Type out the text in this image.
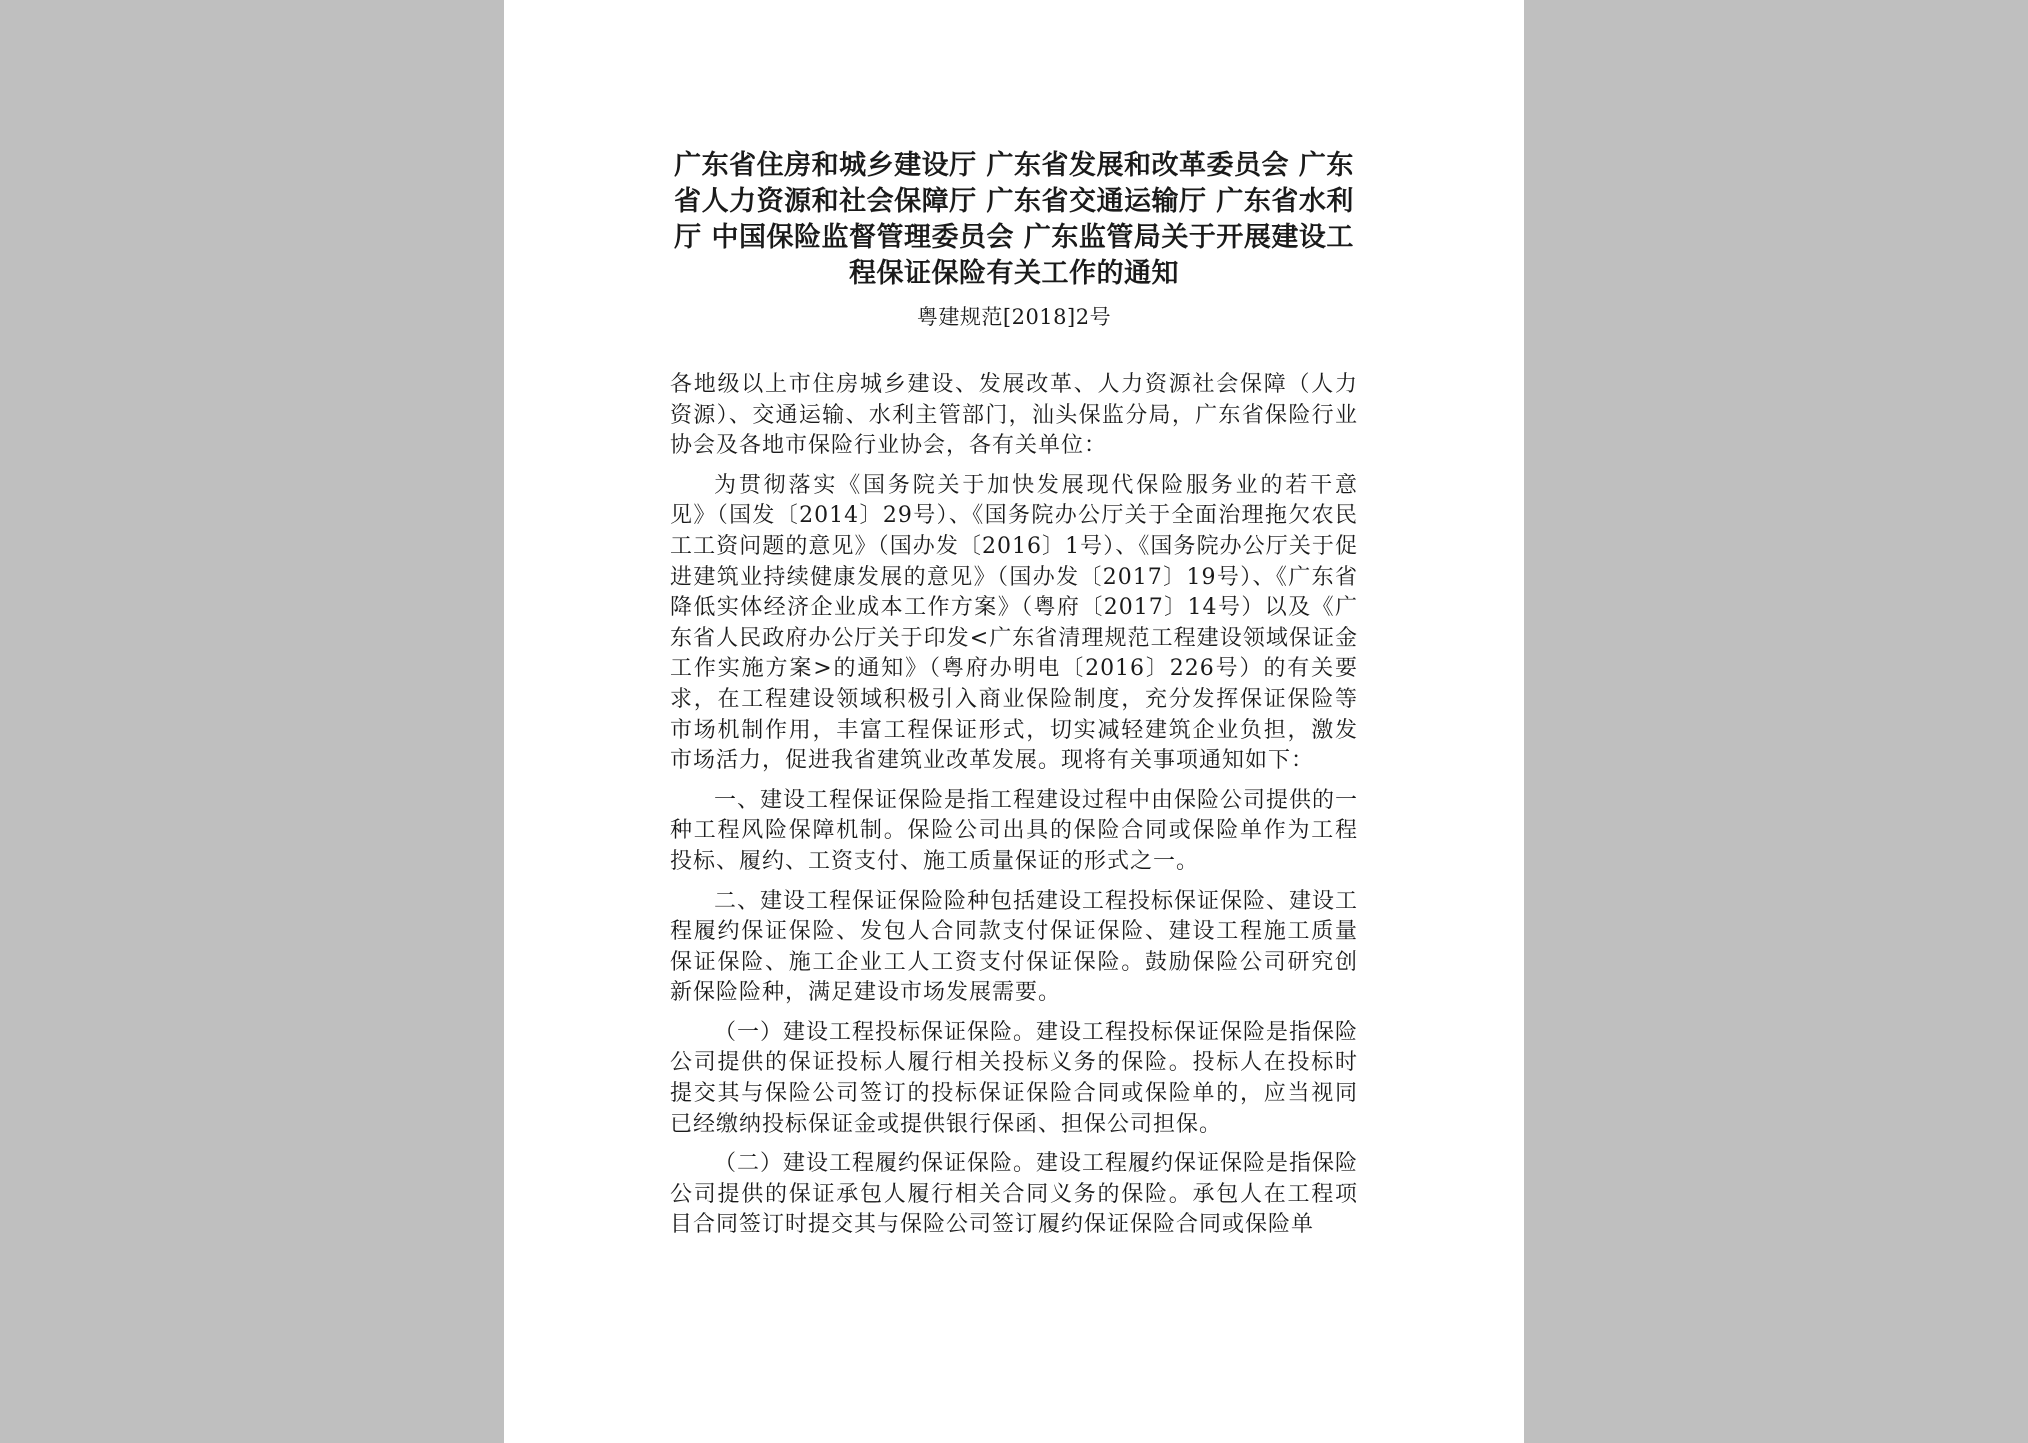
广东省住房和城乡建设厅 广东省发展和改革委员会 广东省人力资源和社会保障厅 广东省交通运输厅 广东省水利厅 中国保险监督管理委员会 广东监管局关于开展建设工程保证保险有关工作的通知
粤建规范[2018]2号

各地级以上市住房城乡建设、发展改革、人力资源社会保障（人力资源）、交通运输、水利主管部门，汕头保监分局，广东省保险行业协会及各地市保险行业协会，各有关单位：

为贯彻落实《国务院关于加快发展现代保险服务业的若干意见》（国发〔2014〕29号）、《国务院办公厅关于全面治理拖欠农民工工资问题的意见》（国办发〔2016〕1号）、《国务院办公厅关于促进建筑业持续健康发展的意见》（国办发〔2017〕19号）、《广东省降低实体经济企业成本工作方案》（粤府〔2017〕14号）以及《广东省人民政府办公厅关于印发<广东省清理规范工程建设领域保证金工作实施方案>的通知》（粤府办明电〔2016〕226号）的有关要求，在工程建设领域积极引入商业保险制度，充分发挥保证保险等市场机制作用，丰富工程保证形式，切实减轻建筑企业负担，激发市场活力，促进我省建筑业改革发展。现将有关事项通知如下：

一、建设工程保证保险是指工程建设过程中由保险公司提供的一种工程风险保障机制。保险公司出具的保险合同或保险单作为工程投标、履约、工资支付、施工质量保证的形式之一。

二、建设工程保证保险险种包括建设工程投标保证保险、建设工程履约保证保险、发包人合同款支付保证保险、建设工程施工质量保证保险、施工企业工人工资支付保证保险。鼓励保险公司研究创新保险险种，满足建设市场发展需要。

（一）建设工程投标保证保险。建设工程投标保证保险是指保险公司提供的保证投标人履行相关投标义务的保险。投标人在投标时提交其与保险公司签订的投标保证保险合同或保险单的，应当视同已经缴纳投标保证金或提供银行保函、担保公司担保。

（二）建设工程履约保证保险。建设工程履约保证保险是指保险公司提供的保证承包人履行相关合同义务的保险。承包人在工程项目合同签订时提交其与保险公司签订履约保证保险合同或保险单
